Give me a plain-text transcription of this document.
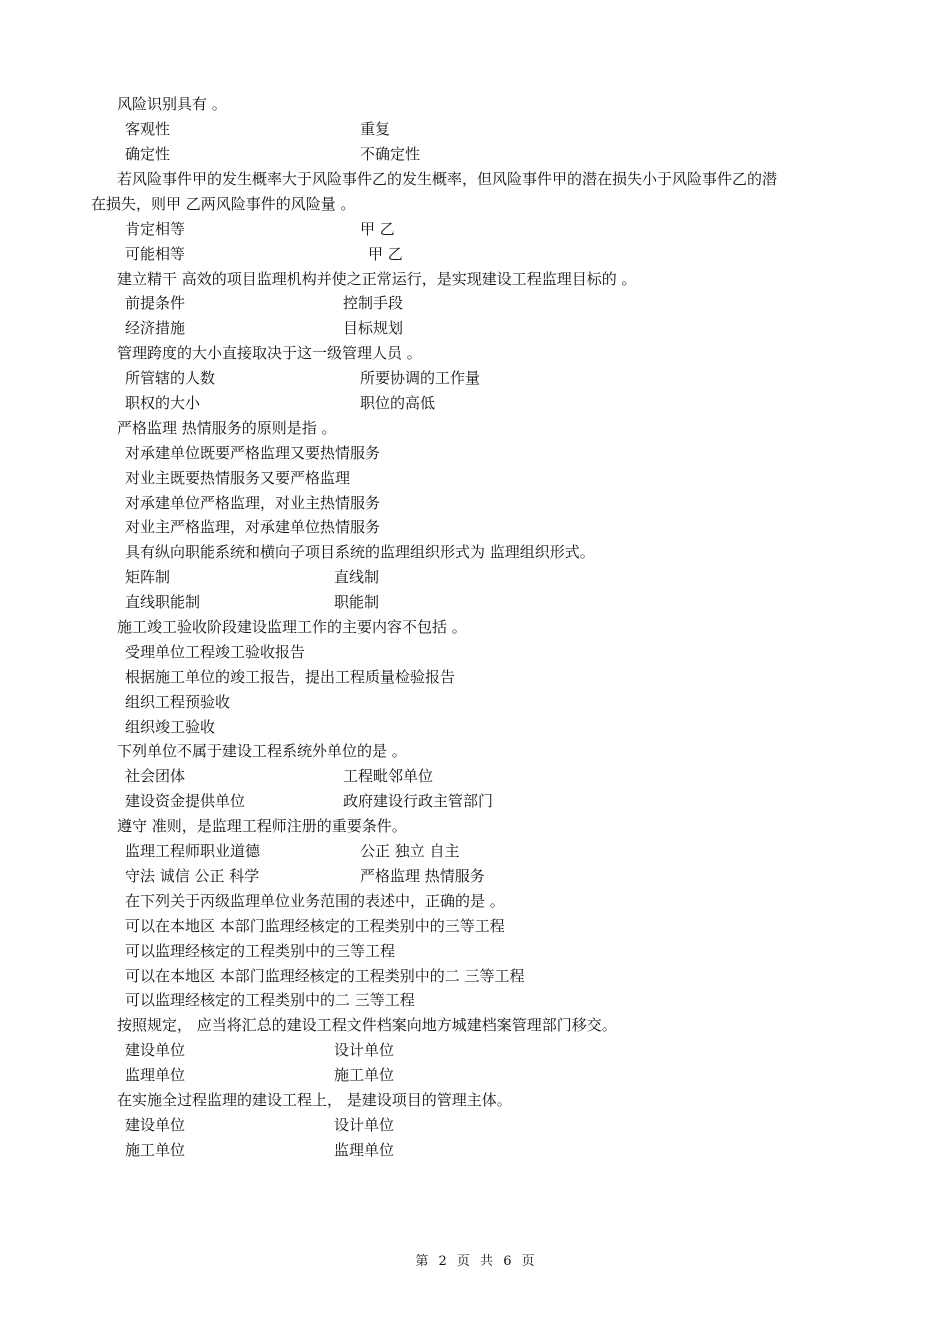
风险识别具有 。
客观性	重复
确定性	不确定性
若风险事件甲的发生概率大于风险事件乙的发生概率，但风险事件甲的潜在损失小于风险事件乙的潜
在损失，则甲 乙两风险事件的风险量 。
肯定相等	甲 乙
可能相等	甲 乙
建立精干 高效的项目监理机构并使之正常运行，是实现建设工程监理目标的 。
前提条件	控制手段
经济措施	目标规划
管理跨度的大小直接取决于这一级管理人员 。
所管辖的人数	所要协调的工作量
职权的大小	职位的高低
严格监理 热情服务的原则是指 。
对承建单位既要严格监理又要热情服务
对业主既要热情服务又要严格监理
对承建单位严格监理，对业主热情服务
对业主严格监理，对承建单位热情服务
具有纵向职能系统和横向子项目系统的监理组织形式为 监理组织形式。
矩阵制	直线制
直线职能制	职能制
施工竣工验收阶段建设监理工作的主要内容不包括 。
受理单位工程竣工验收报告
根据施工单位的竣工报告，提出工程质量检验报告
组织工程预验收
组织竣工验收
下列单位不属于建设工程系统外单位的是 。
社会团体	工程毗邻单位
建设资金提供单位	政府建设行政主管部门
遵守 准则，是监理工程师注册的重要条件。
监理工程师职业道德	公正 独立 自主
守法 诚信 公正 科学	严格监理 热情服务
在下列关于丙级监理单位业务范围的表述中，正确的是 。
可以在本地区 本部门监理经核定的工程类别中的三等工程
可以监理经核定的工程类别中的三等工程
可以在本地区 本部门监理经核定的工程类别中的二 三等工程
可以监理经核定的工程类别中的二 三等工程
按照规定， 应当将汇总的建设工程文件档案向地方城建档案管理部门移交。
建设单位	设计单位
监理单位	施工单位
在实施全过程监理的建设工程上， 是建设项目的管理主体。
建设单位	设计单位
施工单位	监理单位
第 2 页 共 6 页
